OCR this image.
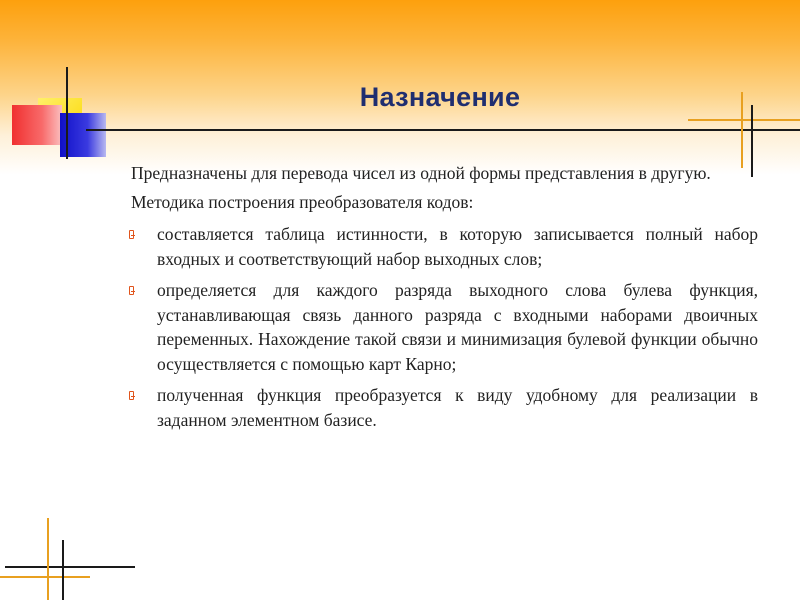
Назначение

Предназначены для перевода чисел из одной формы представления в другую.

Методика построения преобразователя кодов:

составляется таблица истинности, в которую записывается полный набор входных и соответствующий набор выходных слов;
определяется для каждого разряда выходного слова булева функция, устанавливающая связь данного разряда с входными наборами двоичных переменных. Нахождение такой связи и минимизация булевой функции обычно осуществляется с помощью карт Карно;
полученная функция преобразуется к виду удобному для реализации в заданном элементном базисе.
